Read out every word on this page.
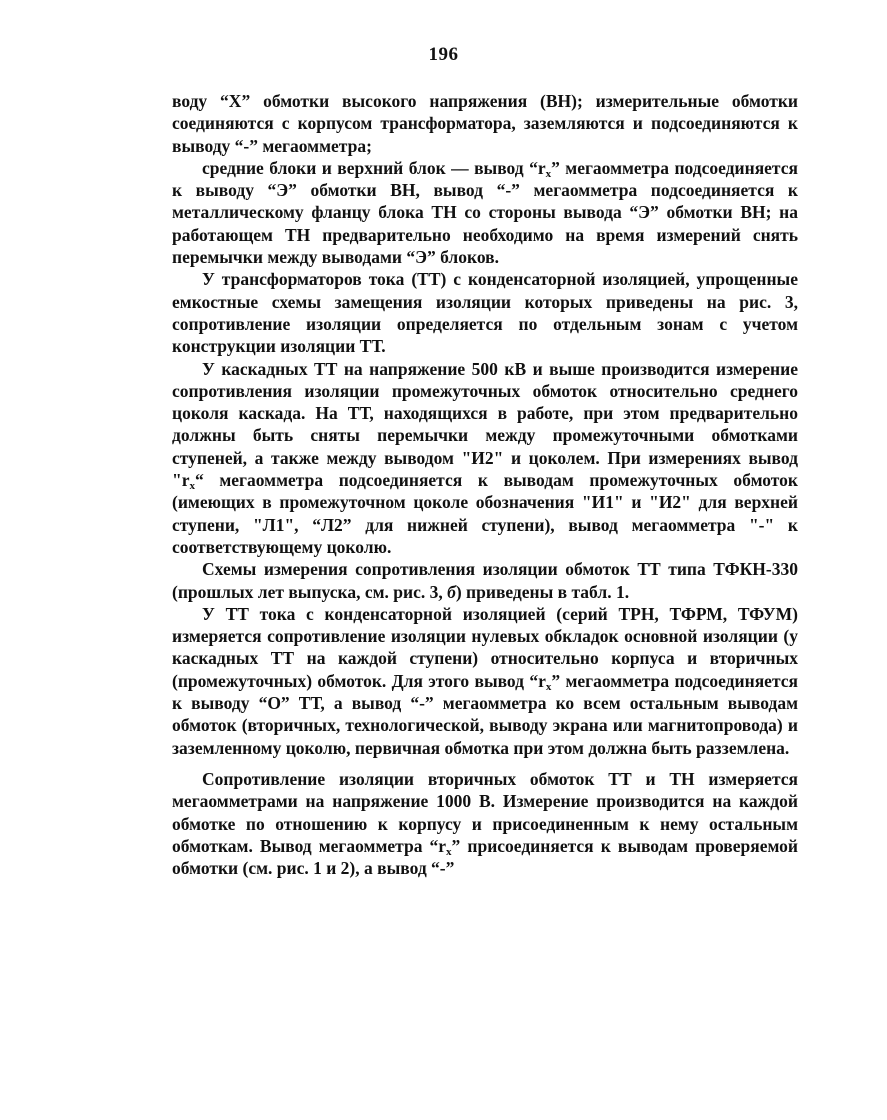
196

воду “Х” обмотки высокого напряжения (ВН); измерительные обмотки соединяются с корпусом трансформатора, заземляются и подсоединяются к выводу “-” мегаомметра;

средние блоки и верхний блок — вывод “$r_x$” мегаомметра подсоединяется к выводу “Э” обмотки ВН, вывод “-” мегаомметра подсоединяется к металлическому фланцу блока ТН со стороны вывода “Э” обмотки ВН; на работающем ТН предварительно необходимо на время измерений снять перемычки между выводами “Э” блоков.

У трансформаторов тока (ТТ) с конденсаторной изоляцией, упрощенные емкостные схемы замещения изоляции которых приведены на рис. 3, сопротивление изоляции определяется по отдельным зонам с учетом конструкции изоляции ТТ.

У каскадных ТТ на напряжение 500 кВ и выше производится измерение сопротивления изоляции промежуточных обмоток относительно среднего цоколя каскада. На ТТ, находящихся в работе, при этом предварительно должны быть сняты перемычки между промежуточными обмотками ступеней, а также между выводом "И2" и цоколем. При измерениях вывод "$r_x“$ мегаомметра подсоединяется к выводам промежуточных обмоток (имеющих в промежуточном цоколе обозначения "И1" и "И2" для верхней ступени, "Л1", “Л2” для нижней ступени), вывод мегаомметра "-" к соответствующему цоколю.

Схемы измерения сопротивления изоляции обмоток ТТ типа ТФКН-330 (прошлых лет выпуска, см. рис. 3, б) приведены в табл. 1.

У ТТ тока с конденсаторной изоляцией (серий ТРН, ТФРМ, ТФУМ) измеряется сопротивление изоляции нулевых обкладок основной изоляции (у каскадных ТТ на каждой ступени) относительно корпуса и вторичных (промежуточных) обмоток. Для этого вывод “$r_x$” мегаомметра подсоединяется к выводу “О” ТТ, а вывод “-” мегаомметра ко всем остальным выводам обмоток (вторичных, технологической, выводу экрана или магнитопровода) и заземленному цоколю, первичная обмотка при этом должна быть разземлена.

Сопротивление изоляции вторичных обмоток ТТ и ТН измеряется мегаомметрами на напряжение 1000 В. Измерение производится на каждой обмотке по отношению к корпусу и присоединенным к нему остальным обмоткам. Вывод мегаомметра “$r_x$” присоединяется к выводам проверяемой обмотки (см. рис. 1 и 2), а вывод “-”
